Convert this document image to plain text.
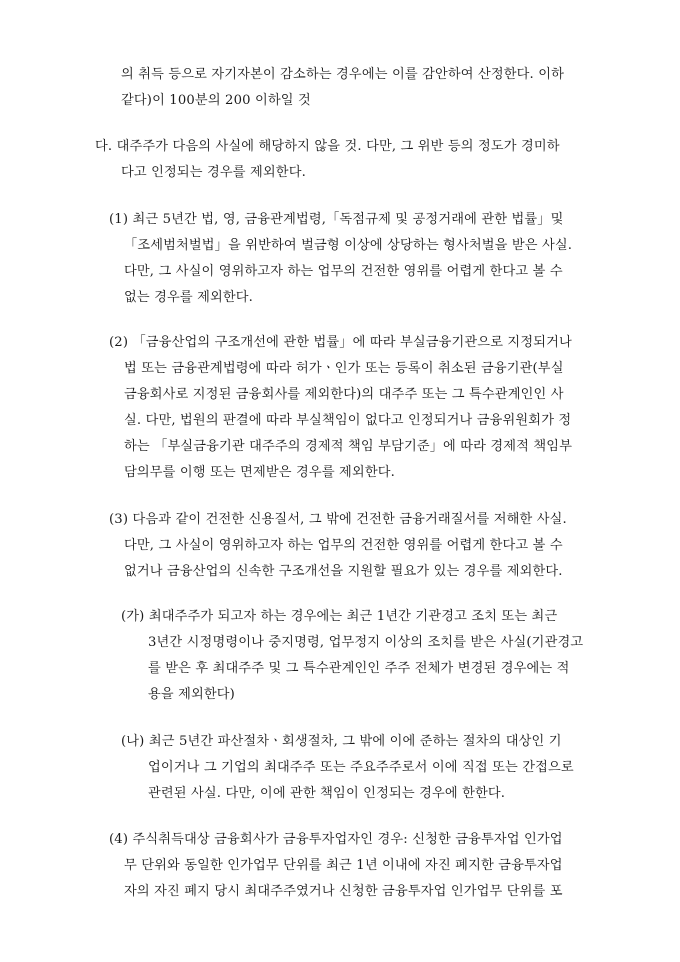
의 취득 등으로 자기자본이 감소하는 경우에는 이를 감안하여 산정한다. 이하
같다)이 100분의 200 이하일 것
다. 대주주가 다음의 사실에 해당하지 않을 것. 다만, 그 위반 등의 정도가 경미하
다고 인정되는 경우를 제외한다.
(1) 최근 5년간 법, 영, 금융관계법령,「독점규제 및 공정거래에 관한 법률」및
「조세범처벌법」을 위반하여 벌금형 이상에 상당하는 형사처벌을 받은 사실.
다만, 그 사실이 영위하고자 하는 업무의 건전한 영위를 어렵게 한다고 볼 수
없는 경우를 제외한다.
(2) 「금융산업의 구조개선에 관한 법률」에 따라 부실금융기관으로 지정되거나
법 또는 금융관계법령에 따라 허가ㆍ인가 또는 등록이 취소된 금융기관(부실
금융회사로 지정된 금융회사를 제외한다)의 대주주 또는 그 특수관계인인 사
실. 다만, 법원의 판결에 따라 부실책임이 없다고 인정되거나 금융위원회가 정
하는 「부실금융기관 대주주의 경제적 책임 부담기준」에 따라 경제적 책임부
담의무를 이행 또는 면제받은 경우를 제외한다.
(3) 다음과 같이 건전한 신용질서, 그 밖에 건전한 금융거래질서를 저해한 사실.
다만, 그 사실이 영위하고자 하는 업무의 건전한 영위를 어렵게 한다고 볼 수
없거나 금융산업의 신속한 구조개선을 지원할 필요가 있는 경우를 제외한다.
(가) 최대주주가 되고자 하는 경우에는 최근 1년간 기관경고 조치 또는 최근
3년간 시정명령이나 중지명령, 업무정지 이상의 조치를 받은 사실(기관경고
를 받은 후 최대주주 및 그 특수관계인인 주주 전체가 변경된 경우에는 적
용을 제외한다)
(나) 최근 5년간 파산절차ㆍ회생절차, 그 밖에 이에 준하는 절차의 대상인 기
업이거나 그 기업의 최대주주 또는 주요주주로서 이에 직접 또는 간접으로
관련된 사실. 다만, 이에 관한 책임이 인정되는 경우에 한한다.
(4) 주식취득대상 금융회사가 금융투자업자인 경우: 신청한 금융투자업 인가업
무 단위와 동일한 인가업무 단위를 최근 1년 이내에 자진 폐지한 금융투자업
자의 자진 폐지 당시 최대주주였거나 신청한 금융투자업 인가업무 단위를 포
